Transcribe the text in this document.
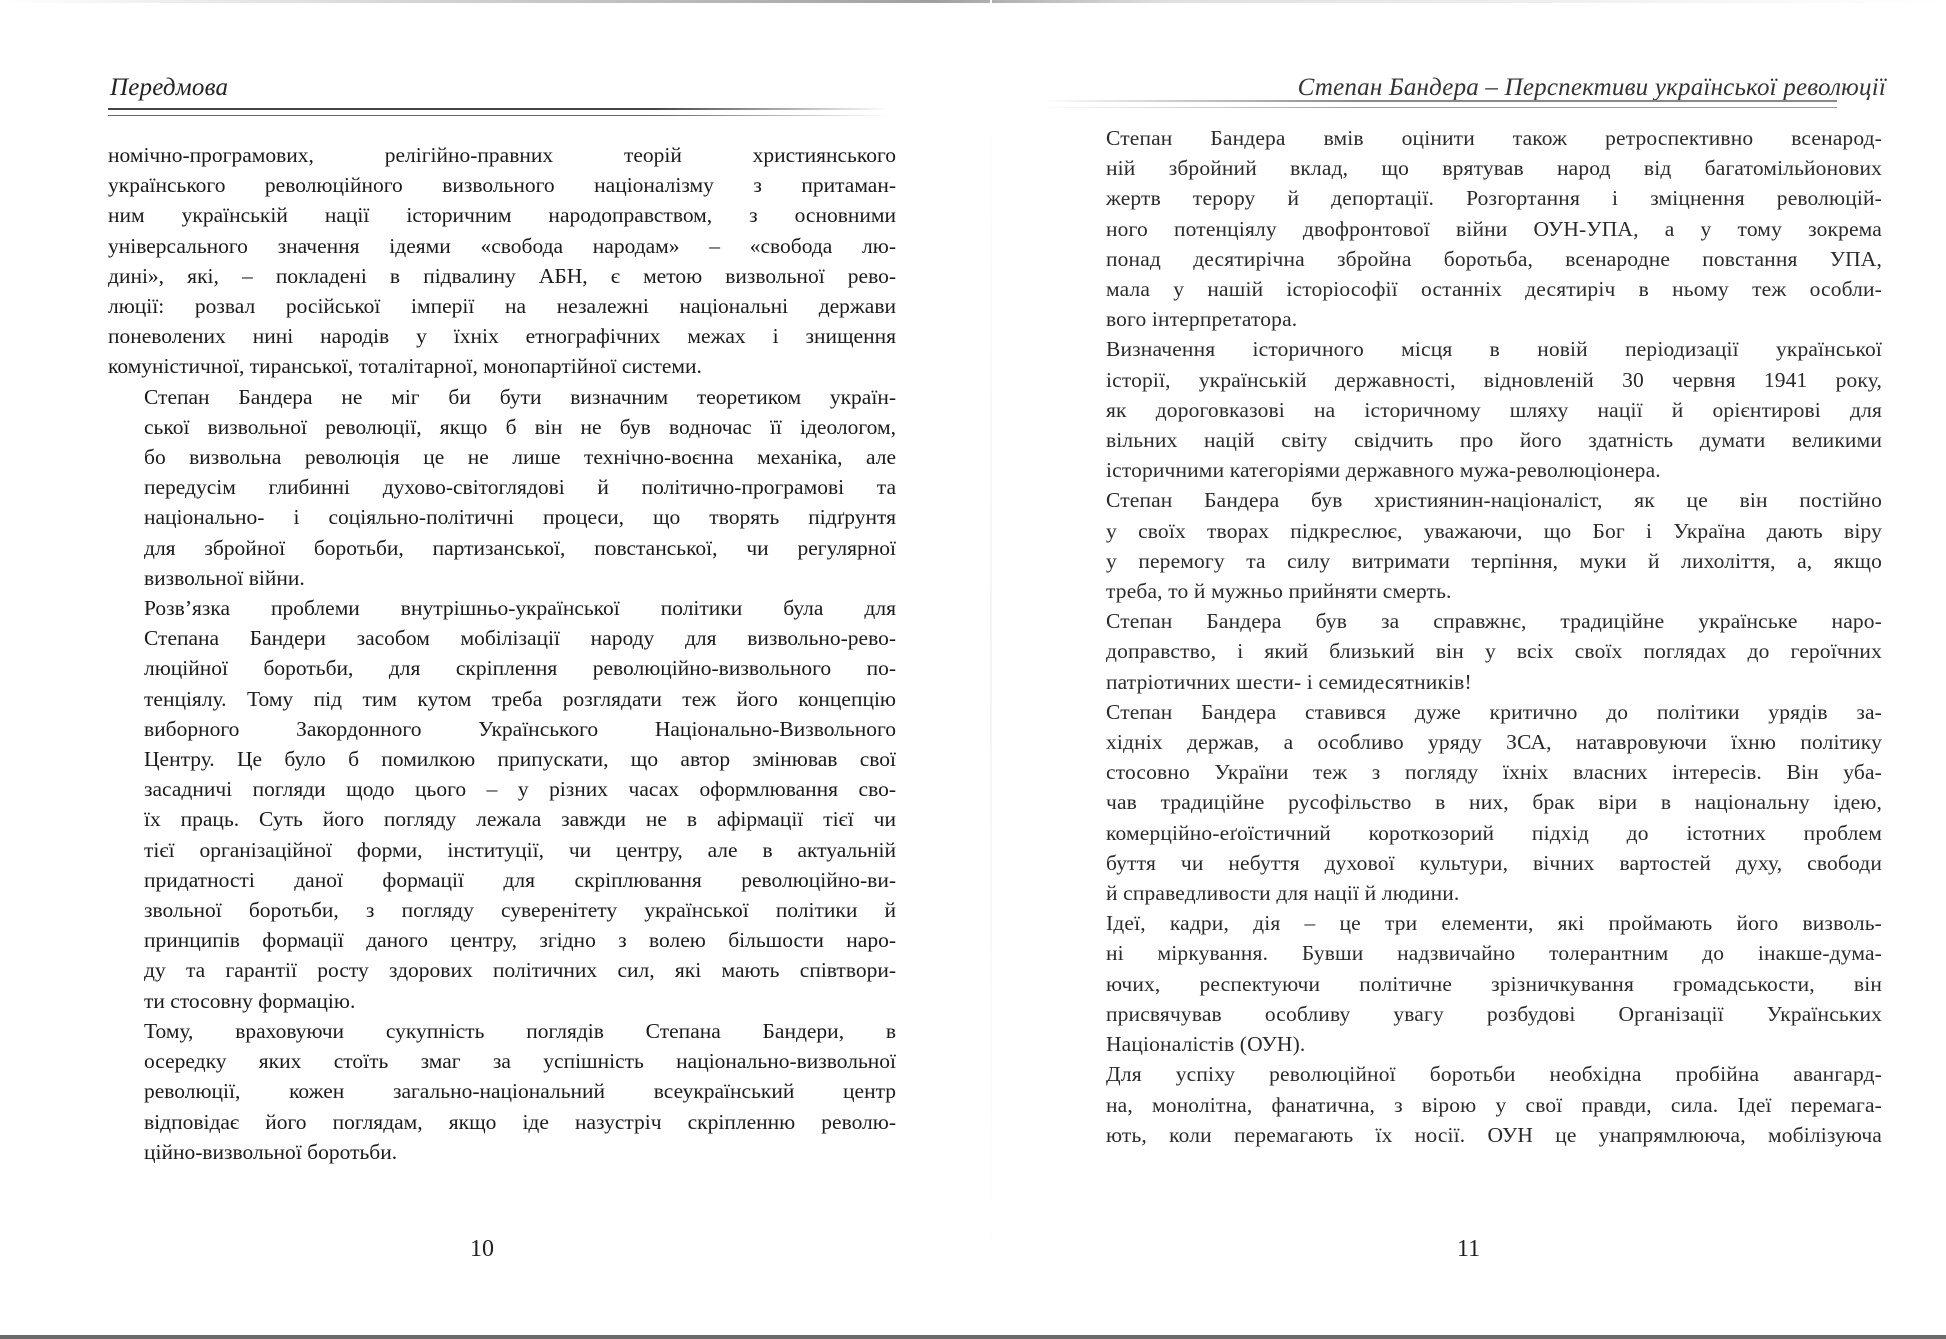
Передмова

номічно-програмових, релігійно-правних теорій християнського
українського революційного визвольного націоналізму з притаман-
ним українській нації історичним народоправством, з основними
універсального значення ідеями «свобода народам» – «свобода лю-
дині», які, – покладені в підвалину АБН, є метою визвольної рево-
люції: розвал російської імперії на незалежні національні держави
поневолених нині народів у їхніх етнографічних межах і знищення
комуністичної, тиранської, тоталітарної, монопартійної системи.

Степан Бандера не міг би бути визначним теоретиком україн-
ської визвольної революції, якщо б він не був водночас її ідеологом,
бо визвольна революція це не лише технічно-воєнна механіка, але
передусім глибинні духово-світоглядові й політично-програмові та
національно- і соціяльно-політичні процеси, що творять підґрунтя
для збройної боротьби, партизанської, повстанської, чи регулярної
визвольної війни.

Розв’язка проблеми внутрішньо-української політики була для
Степана Бандери засобом мобілізації народу для визвольно-рево-
люційної боротьби, для скріплення революційно-визвольного по-
тенціялу. Тому під тим кутом треба розглядати теж його концепцію
виборного Закордонного Українського Національно-Визвольного
Центру. Це було б помилкою припускати, що автор змінював свої
засадничі погляди щодо цього – у різних часах оформлювання сво-
їх праць. Суть його погляду лежала завжди не в афірмації тієї чи
тієї організаційної форми, інституції, чи центру, але в актуальній
придатності даної формації для скріплювання революційно-ви-
звольної боротьби, з погляду суверенітету української політики й
принципів формації даного центру, згідно з волею більшости наро-
ду та гарантії росту здорових політичних сил, які мають співтвори-
ти стосовну формацію.

Тому, враховуючи сукупність поглядів Степана Бандери, в
осередку яких стоїть змаг за успішність національно-визвольної
революції, кожен загально-національний всеукраїнський центр
відповідає його поглядам, якщо іде назустріч скріпленню револю-
ційно-визвольної боротьби.

10
Степан Бандера – Перспективи української революції

Степан Бандера вмів оцінити також ретроспективно всенарод-
ній збройний вклад, що врятував народ від багатомільйонових
жертв терору й депортації. Розгортання і зміцнення революцій-
ного потенціялу двофронтової війни ОУН-УПА, а у тому зокрема
понад десятирічна збройна боротьба, всенародне повстання УПА,
мала у нашій історіософії останніх десятиріч в ньому теж особли-
вого інтерпретатора.

Визначення історичного місця в новій періодизації української
історії, українській державності, відновленій 30 червня 1941 року,
як дороговказові на історичному шляху нації й орієнтирові для
вільних націй світу свідчить про його здатність думати великими
історичними категоріями державного мужа-революціонера.

Степан Бандера був християнин-націоналіст, як це він постійно
у своїх творах підкреслює, уважаючи, що Бог і Україна дають віру
у перемогу та силу витримати терпіння, муки й лихоліття, а, якщо
треба, то й мужньо прийняти смерть.

Степан Бандера був за справжнє, традиційне українське наро-
доправство, і який близький він у всіх своїх поглядах до героїчних
патріотичних шести- і семидесятників!

Степан Бандера ставився дуже критично до політики урядів за-
хідніх держав, а особливо уряду ЗСА, натавровуючи їхню політику
стосовно України теж з погляду їхніх власних інтересів. Він уба-
чав традиційне русофільство в них, брак віри в національну ідею,
комерційно-еґоїстичний короткозорий підхід до істотних проблем
буття чи небуття духової культури, вічних вартостей духу, свободи
й справедливости для нації й людини.

Ідеї, кадри, дія – це три елементи, які проймають його визволь-
ні міркування. Бувши надзвичайно толерантним до інакше-дума-
ючих, респектуючи політичне зрізничкування громадськости, він
присвячував особливу увагу розбудові Організації Українських
Націоналістів (ОУН).

Для успіху революційної боротьби необхідна пробійна авангард-
на, монолітна, фанатична, з вірою у свої правди, сила. Ідеї перемага-
ють, коли перемагають їх носії. ОУН це унапрямлююча, мобілізуюча

11
